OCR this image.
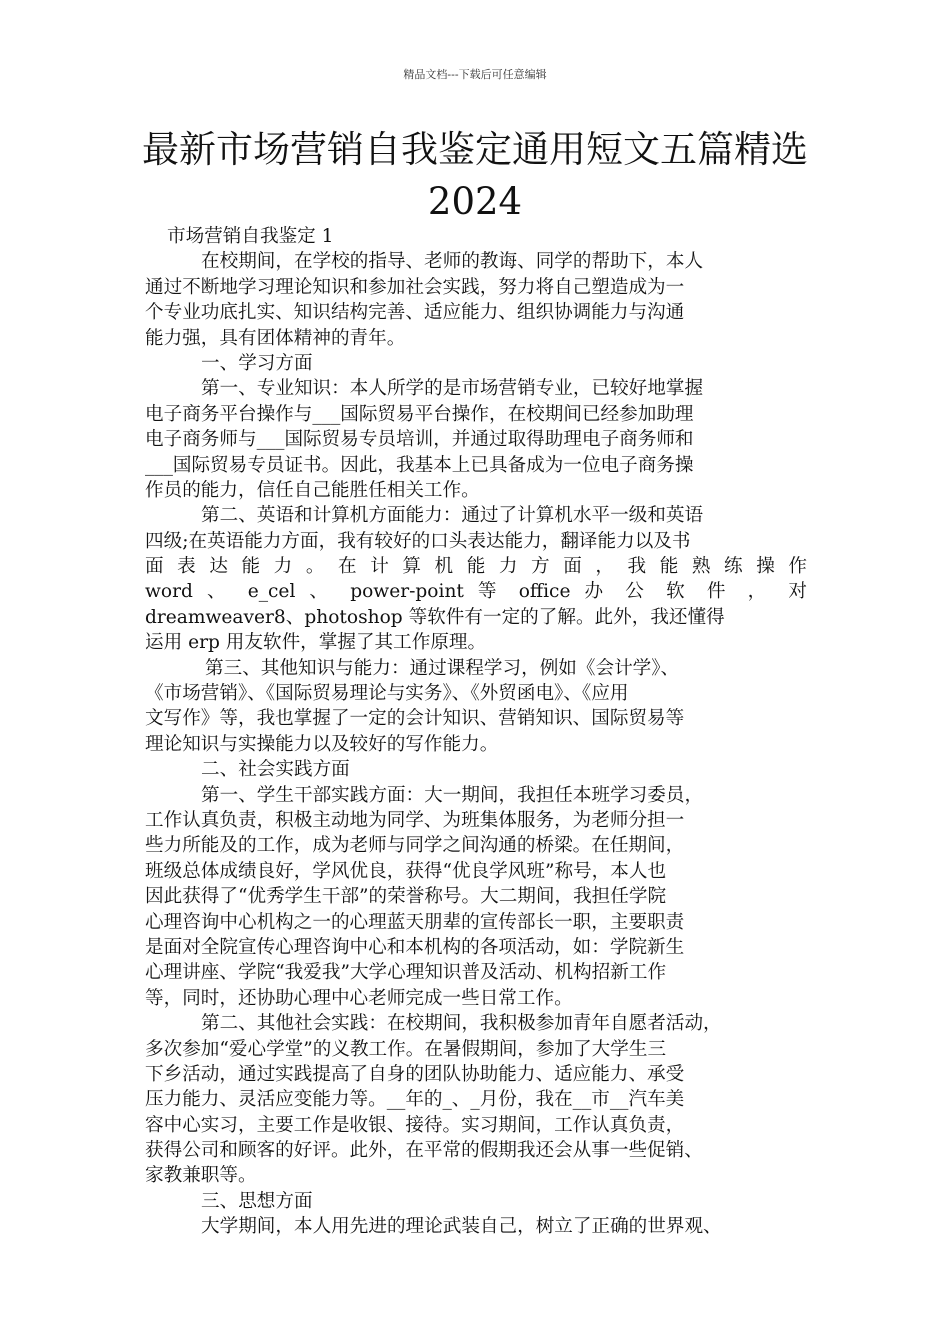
精品文档---下载后可任意编辑
最新市场营销自我鉴定通用短文五篇精选
2024
市场营销自我鉴定 1
在校期间，在学校的指导、老师的教诲、同学的帮助下，本人
通过不断地学习理论知识和参加社会实践，努力将自己塑造成为一
个专业功底扎实、知识结构完善、适应能力、组织协调能力与沟通
能力强，具有团体精神的青年。
一、学习方面
第一、专业知识：本人所学的是市场营销专业，已较好地掌握
电子商务平台操作与___国际贸易平台操作，在校期间已经参加助理
电子商务师与___国际贸易专员培训，并通过取得助理电子商务师和
___国际贸易专员证书。因此，我基本上已具备成为一位电子商务操
作员的能力，信任自己能胜任相关工作。
第二、英语和计算机方面能力：通过了计算机水平一级和英语
四级;在英语能力方面，我有较好的口头表达能力，翻译能力以及书
面 表 达 能 力 。 在 计 算 机 能 力 方 面 ， 我 能 熟 练 操 作
word 、 e_cel 、 power-point 等 office 办 公 软 件 ， 对
dreamweaver8、photoshop 等软件有一定的了解。此外，我还懂得
运用 erp 用友软件，掌握了其工作原理。
第三、其他知识与能力：通过课程学习，例如《会计学》、
《市场营销》、《国际贸易理论与实务》、《外贸函电》、《应用
文写作》等，我也掌握了一定的会计知识、营销知识、国际贸易等
理论知识与实操能力以及较好的写作能力。
二、社会实践方面
第一、学生干部实践方面：大一期间，我担任本班学习委员，
工作认真负责，积极主动地为同学、为班集体服务，为老师分担一
些力所能及的工作，成为老师与同学之间沟通的桥梁。在任期间，
班级总体成绩良好，学风优良，获得“优良学风班”称号，本人也
因此获得了“优秀学生干部”的荣誉称号。大二期间，我担任学院
心理咨询中心机构之一的心理蓝天朋辈的宣传部长一职，主要职责
是面对全院宣传心理咨询中心和本机构的各项活动，如：学院新生
心理讲座、学院“我爱我”大学心理知识普及活动、机构招新工作
等，同时，还协助心理中心老师完成一些日常工作。
第二、其他社会实践：在校期间，我积极参加青年自愿者活动，
多次参加“爱心学堂”的义教工作。在暑假期间，参加了大学生三
下乡活动，通过实践提高了自身的团队协助能力、适应能力、承受
压力能力、灵活应变能力等。__年的_、_月份，我在__市__汽车美
容中心实习，主要工作是收银、接待。实习期间，工作认真负责，
获得公司和顾客的好评。此外，在平常的假期我还会从事一些促销、
家教兼职等。
三、思想方面
大学期间，本人用先进的理论武装自己，树立了正确的世界观、
